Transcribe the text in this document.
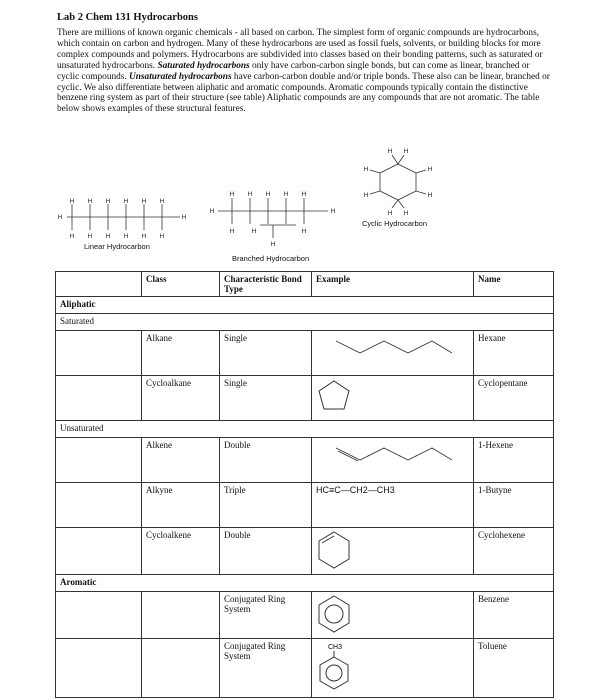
Lab 2 Chem 131 Hydrocarbons
There are millions of known organic chemicals - all based on carbon. The simplest form of organic compounds are hydrocarbons, which contain on carbon and hydrogen. Many of these hydrocarbons are used as fossil fuels, solvents, or building blocks for more complex compounds and polymers. Hydrocarbons are subdivided into classes based on their bonding patterns, such as saturated or unsaturated hydrocarbons. Saturated hydrocarbons only have carbon-carbon single bonds, but can come as linear, branched or cyclic compounds. Unsaturated hydrocarbons have carbon-carbon double and/or triple bonds. These also can be linear, branched or cyclic. We also differentiate between aliphatic and aromatic compounds. Aromatic compounds typically contain the distinctive benzene ring system as part of their structure (see table) Aliphatic compounds are any compounds that are not aromatic. The table below shows examples of these structural features.
H	H
H H H H H H
H H H H H H
H	H
H H H H H
H	H	H
H
H H
H
H
H
H
H H
Linear Hydrocarbon
Branched Hydrocarbon
Cyclic Hydrocarbon
	Class	Characteristic Bond Type	Example	Name
Aliphatic				
Saturated				
	Alkane	Single		Hexane
	Cycloalkane	Single		Cyclopentane
Unsaturated				
	Alkene	Double		1-Hexene
	Alkyne	Triple	HC≡C—CH2—CH3	1-Butyne
	Cycloalkene	Double		Cyclohexene
Aromatic				
		Conjugated Ring System		Benzene
		Conjugated Ring System	CH3	Toluene
